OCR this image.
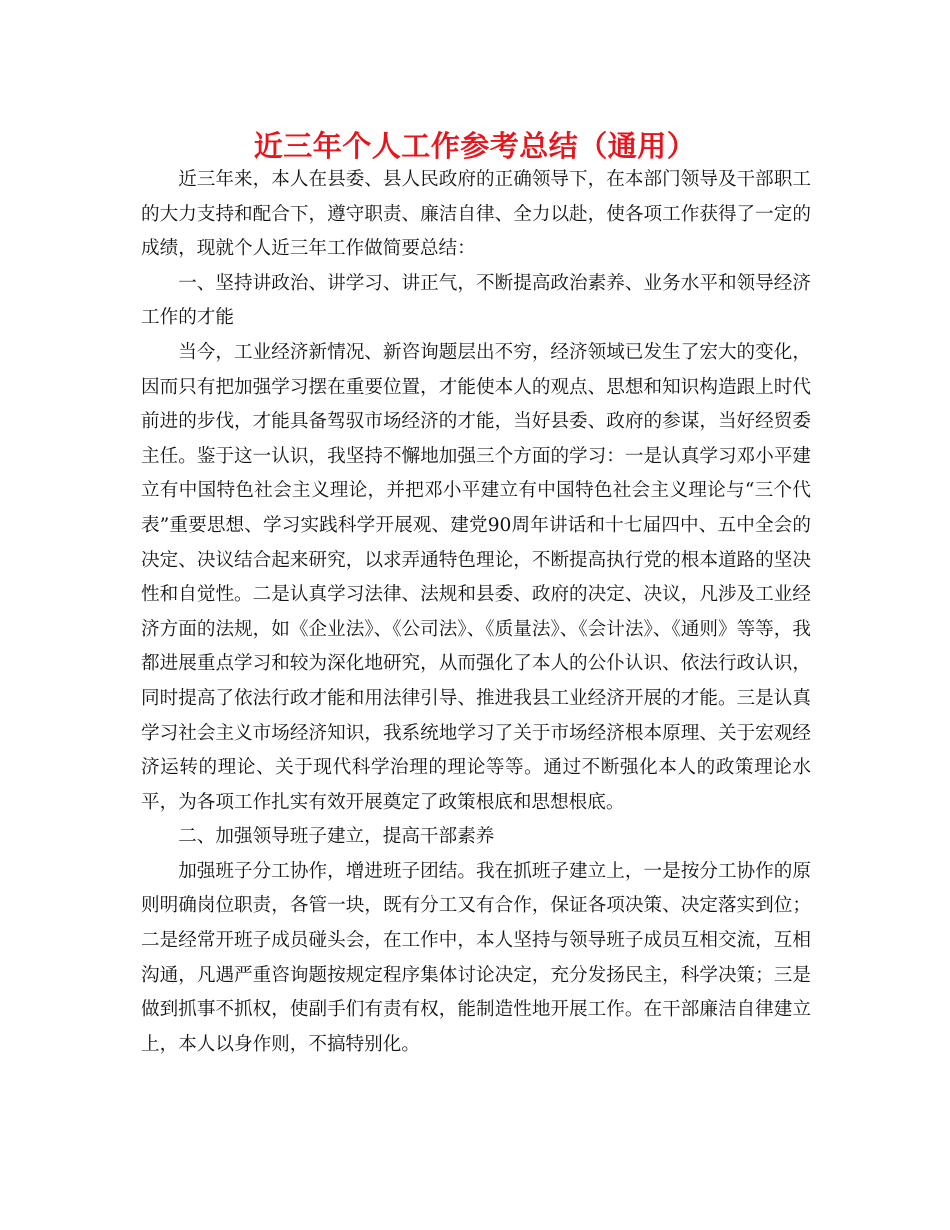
近三年个人工作参考总结（通用）

近三年来，本人在县委、县人民政府的正确领导下，在本部门领导及干部职工的大力支持和配合下，遵守职责、廉洁自律、全力以赴，使各项工作获得了一定的成绩，现就个人近三年工作做简要总结：

一、坚持讲政治、讲学习、讲正气，不断提高政治素养、业务水平和领导经济工作的才能

当今，工业经济新情况、新咨询题层出不穷，经济领域已发生了宏大的变化，因而只有把加强学习摆在重要位置，才能使本人的观点、思想和知识构造跟上时代前进的步伐，才能具备驾驭市场经济的才能，当好县委、政府的参谋，当好经贸委主任。鉴于这一认识，我坚持不懈地加强三个方面的学习：一是认真学习邓小平建立有中国特色社会主义理论，并把邓小平建立有中国特色社会主义理论与“三个代表”重要思想、学习实践科学开展观、建党90周年讲话和十七届四中、五中全会的决定、决议结合起来研究，以求弄通特色理论，不断提高执行党的根本道路的坚决性和自觉性。二是认真学习法律、法规和县委、政府的决定、决议，凡涉及工业经济方面的法规，如《企业法》、《公司法》、《质量法》、《会计法》、《通则》等等，我都进展重点学习和较为深化地研究，从而强化了本人的公仆认识、依法行政认识，同时提高了依法行政才能和用法律引导、推进我县工业经济开展的才能。三是认真学习社会主义市场经济知识，我系统地学习了关于市场经济根本原理、关于宏观经济运转的理论、关于现代科学治理的理论等等。通过不断强化本人的政策理论水平，为各项工作扎实有效开展奠定了政策根底和思想根底。

二、加强领导班子建立，提高干部素养

加强班子分工协作，增进班子团结。我在抓班子建立上，一是按分工协作的原则明确岗位职责，各管一块，既有分工又有合作，保证各项决策、决定落实到位；二是经常开班子成员碰头会，在工作中，本人坚持与领导班子成员互相交流，互相沟通，凡遇严重咨询题按规定程序集体讨论决定，充分发扬民主，科学决策；三是做到抓事不抓权，使副手们有责有权，能制造性地开展工作。在干部廉洁自律建立上，本人以身作则，不搞特别化。
